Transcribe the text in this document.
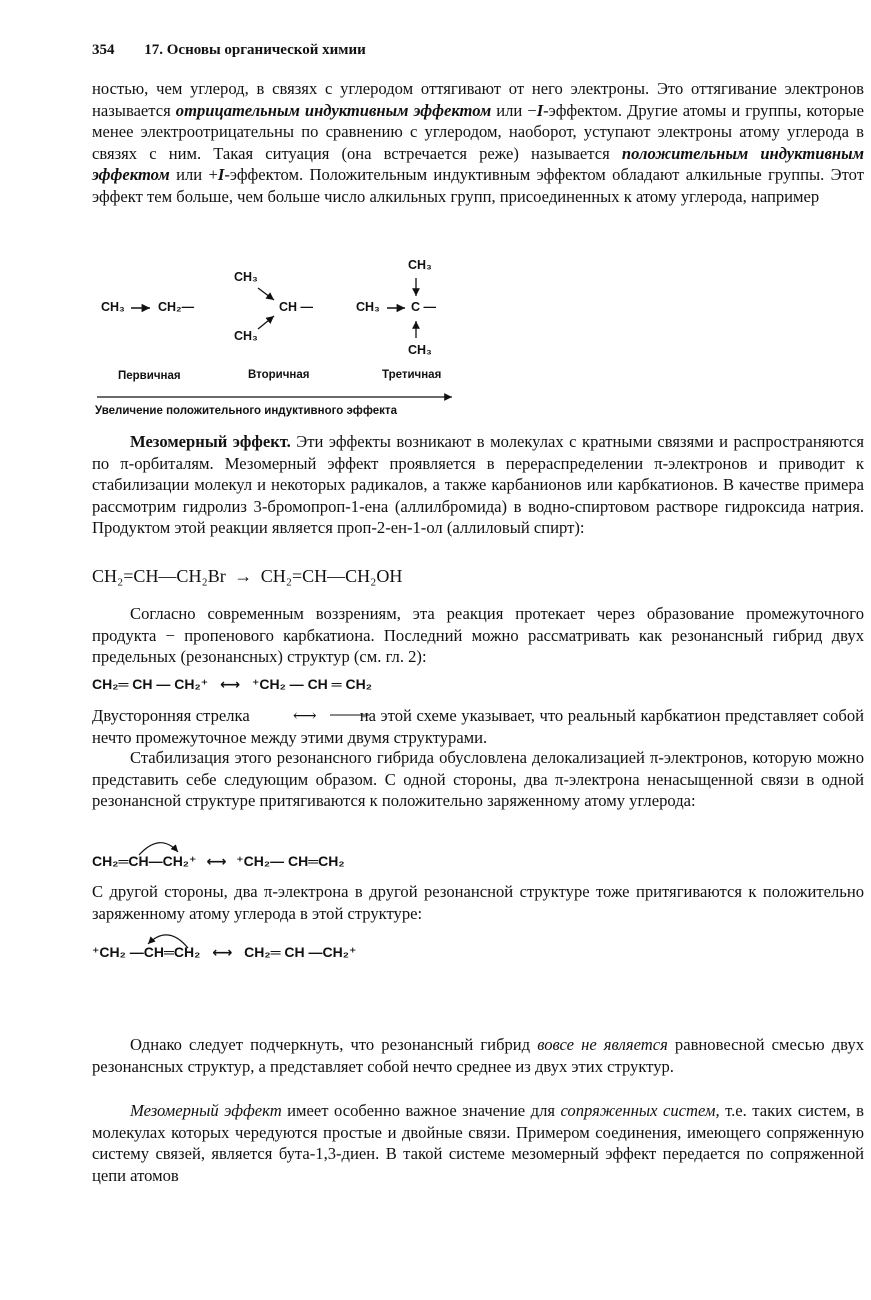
354 17. Основы органической химии

ностью, чем углерод, в связях с углеродом оттягивают от него электроны. Это оттягивание электронов называется отрицательным индуктивным эффектом или −I-эффектом. Другие атомы и группы, которые менее электроотрицательны по сравнению с углеродом, наоборот, уступают электроны атому углерода в связях с ним. Такая ситуация (она встречается реже) называется положительным индуктивным эффектом или +I-эффектом. Положительным индуктивным эффектом обладают алкильные группы. Этот эффект тем больше, чем больше число алкильных групп, присоединенных к атому углерода, например

CH₃	CH₂—
CH₃
CH —
CH₃
CH₃
CH₃ C —
CH₃
Первичная	Вторичная	Третичная
Увеличение положительного индуктивного эффекта

Мезомерный эффект. Эти эффекты возникают в молекулах с кратными связями и распространяются по π-орбиталям. Мезомерный эффект проявляется в перераспределении π-электронов и приводит к стабилизации молекул и некоторых радикалов, а также карбанионов или карбкатионов. В качестве примера рассмотрим гидролиз 3-бромопроп-1-ена (аллилбромида) в водно-спиртовом растворе гидроксида натрия. Продуктом этой реакции является проп-2-ен-1-ол (аллиловый спирт):

CH₂=CH—CH₂Br → CH₂=CH—CH₂OH

Согласно современным воззрениям, эта реакция протекает через образование промежуточного продукта − пропенового карбкатиона. Последний можно рассматривать как резонансный гибрид двух предельных (резонансных) структур (см. гл. 2):

CH₂═ CH — CH₂⁺ ⟷ ⁺CH₂ — CH ═ CH₂

Двусторонняя стрелка	⟷	на этой схеме указывает, что реальный карбкатион представляет собой нечто промежуточное между этими двумя структурами.

Стабилизация этого резонансного гибрида обусловлена делокализацией π-электронов, которую можно представить себе следующим образом. С одной стороны, два π-электрона ненасыщенной связи в одной резонансной структуре притягиваются к положительно заряженному атому углерода:

CH₂═CH—CH₂⁺ ⟷ ⁺CH₂— CH═CH₂

С другой стороны, два π-электрона в другой резонансной структуре тоже притягиваются к положительно заряженному атому углерода в этой структуре:

⁺CH₂ —CH═CH₂ ⟷ CH₂═ CH —CH₂⁺

Однако следует подчеркнуть, что резонансный гибрид вовсе не является равновесной смесью двух резонансных структур, а представляет собой нечто среднее из двух этих структур.

Мезомерный эффект имеет особенно важное значение для сопряженных систем, т.е. таких систем, в молекулах которых чередуются простые и двойные связи. Примером соединения, имеющего сопряженную систему связей, является бута-1,3-диен. В такой системе мезомерный эффект передается по сопряженной цепи атомов
